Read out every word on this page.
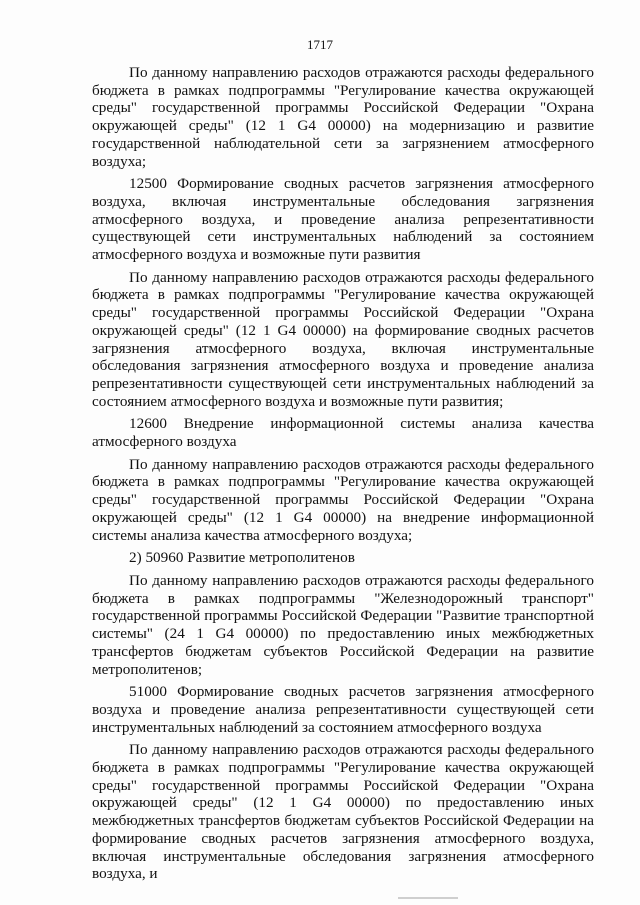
1717

По данному направлению расходов отражаются расходы федерального бюджета в рамках подпрограммы "Регулирование качества окружающей среды" государственной программы Российской Федерации "Охрана окружающей среды" (12 1 G4 00000) на модернизацию и развитие государственной наблюдательной сети за загрязнением атмосферного воздуха;

12500 Формирование сводных расчетов загрязнения атмосферного воздуха, включая инструментальные обследования загрязнения атмосферного воздуха, и проведение анализа репрезентативности существующей сети инструментальных наблюдений за состоянием атмосферного воздуха и возможные пути развития

По данному направлению расходов отражаются расходы федерального бюджета в рамках подпрограммы "Регулирование качества окружающей среды" государственной программы Российской Федерации "Охрана окружающей среды" (12 1 G4 00000) на формирование сводных расчетов загрязнения атмосферного воздуха, включая инструментальные обследования загрязнения атмосферного воздуха и проведение анализа репрезентативности существующей сети инструментальных наблюдений за состоянием атмосферного воздуха и возможные пути развития;

12600 Внедрение информационной системы анализа качества атмосферного воздуха

По данному направлению расходов отражаются расходы федерального бюджета в рамках подпрограммы "Регулирование качества окружающей среды" государственной программы Российской Федерации "Охрана окружающей среды" (12 1 G4 00000) на внедрение информационной системы анализа качества атмосферного воздуха;

2) 50960 Развитие метрополитенов

По данному направлению расходов отражаются расходы федерального бюджета в рамках подпрограммы "Железнодорожный транспорт" государственной программы Российской Федерации "Развитие транспортной системы" (24 1 G4 00000) по предоставлению иных межбюджетных трансфертов бюджетам субъектов Российской Федерации на развитие метрополитенов;

51000 Формирование сводных расчетов загрязнения атмосферного воздуха и проведение анализа репрезентативности существующей сети инструментальных наблюдений за состоянием атмосферного воздуха

По данному направлению расходов отражаются расходы федерального бюджета в рамках подпрограммы "Регулирование качества окружающей среды" государственной программы Российской Федерации "Охрана окружающей среды" (12 1 G4 00000) по предоставлению иных межбюджетных трансфертов бюджетам субъектов Российской Федерации на формирование сводных расчетов загрязнения атмосферного воздуха, включая инструментальные обследования загрязнения атмосферного воздуха, и
